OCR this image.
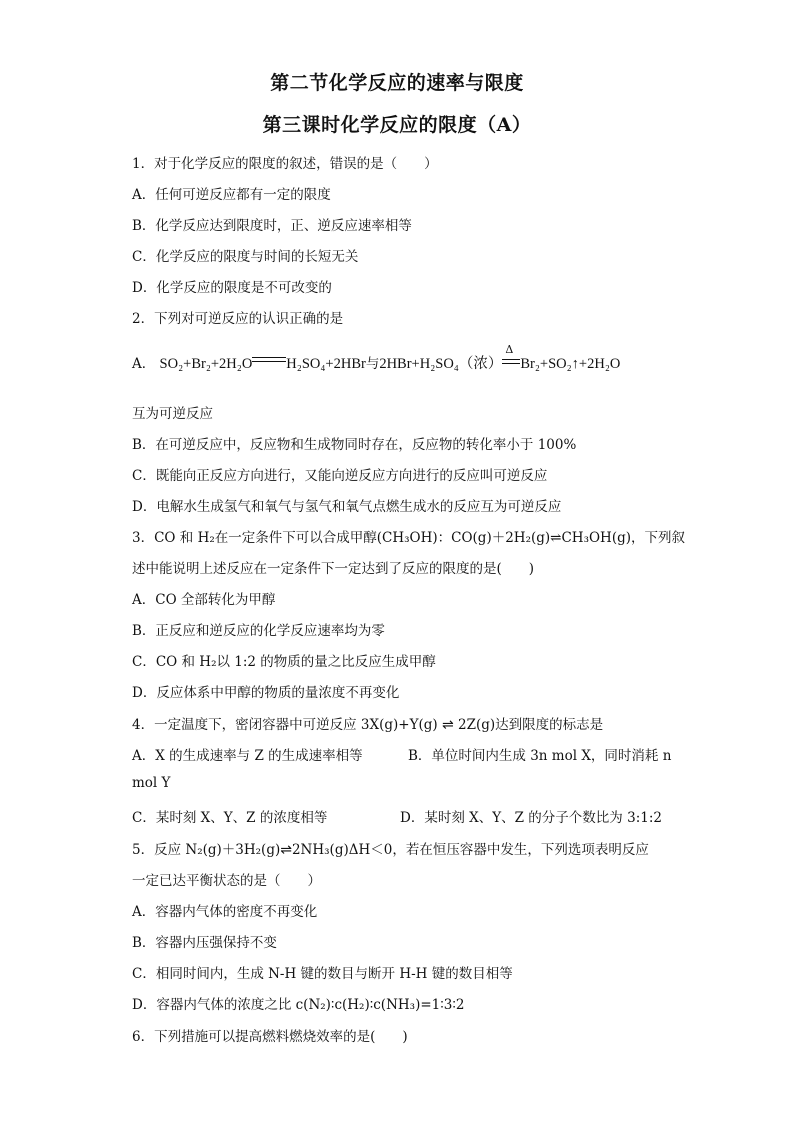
第二节化学反应的速率与限度
第三课时化学反应的限度（A）
1．对于化学反应的限度的叙述，错误的是（　　）
A．任何可逆反应都有一定的限度
B．化学反应达到限度时，正、逆反应速率相等
C．化学反应的限度与时间的长短无关
D．化学反应的限度是不可改变的
2．下列对可逆反应的认识正确的是
A． SO₂+Br₂+2H₂O H₂SO₄+2HBr与2HBr+H₂SO₄（浓）
Δ
Br₂+SO₂↑+2H₂O
互为可逆反应
B．在可逆反应中，反应物和生成物同时存在，反应物的转化率小于 100%
C．既能向正反应方向进行，又能向逆反应方向进行的反应叫可逆反应
D．电解水生成氢气和氧气与氢气和氧气点燃生成水的反应互为可逆反应
3．CO 和 H₂在一定条件下可以合成甲醇(CH₃OH)：CO(g)＋2H₂(g)⇌CH₃OH(g)，下列叙
述中能说明上述反应在一定条件下一定达到了反应的限度的是(　　)
A．CO 全部转化为甲醇
B．正反应和逆反应的化学反应速率均为零
C．CO 和 H₂以 1:2 的物质的量之比反应生成甲醇
D．反应体系中甲醇的物质的量浓度不再变化
4．一定温度下，密闭容器中可逆反应 3X(g)+Y(g) ⇌ 2Z(g)达到限度的标志是
A．X 的生成速率与 Z 的生成速率相等	B．单位时间内生成 3n mol X，同时消耗 n
mol Y
C．某时刻 X、Y、Z 的浓度相等	D．某时刻 X、Y、Z 的分子个数比为 3:1:2
5．反应 N₂(g)＋3H₂(g)⇌2NH₃(g)ΔH＜0，若在恒压容器中发生，下列选项表明反应
一定已达平衡状态的是（　　）
A．容器内气体的密度不再变化
B．容器内压强保持不变
C．相同时间内，生成 N-H 键的数目与断开 H-H 键的数目相等
D．容器内气体的浓度之比 c(N₂)∶c(H₂)∶c(NH₃)=1∶3∶2
6．下列措施可以提高燃料燃烧效率的是(　　)
